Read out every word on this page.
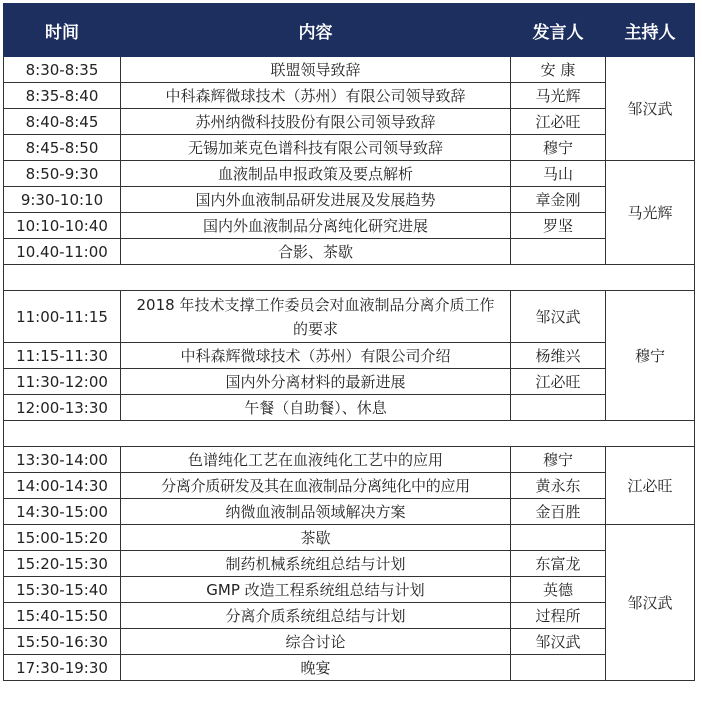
时间	内容	发言人	主持人
8:30-8:35	联盟领导致辞	安 康	邹汉武
8:35-8:40	中科森辉微球技术（苏州）有限公司领导致辞	马光辉	
8:40-8:45	苏州纳微科技股份有限公司领导致辞	江必旺	
8:45-8:50	无锡加莱克色谱科技有限公司领导致辞	穆宁	
8:50-9:30	血液制品申报政策及要点解析	马山	马光辉
9:30-10:10	国内外血液制品研发进展及发展趋势	章金刚	
10:10-10:40	国内外血液制品分离纯化研究进展	罗坚	
10.40-11:00	合影、茶歇		

11:00-11:15	2018 年技术支撑工作委员会对血液制品分离介质工作的要求	邹汉武	穆宁
11:15-11:30	中科森辉微球技术（苏州）有限公司介绍	杨维兴	
11:30-12:00	国内外分离材料的最新进展	江必旺	
12:00-13:30	午餐（自助餐）、休息		

13:30-14:00	色谱纯化工艺在血液纯化工艺中的应用	穆宁	江必旺
14:00-14:30	分离介质研发及其在血液制品分离纯化中的应用	黄永东	
14:30-15:00	纳微血液制品领域解决方案	金百胜	
15:00-15:20	茶歇		邹汉武
15:20-15:30	制药机械系统组总结与计划	东富龙	
15:30-15:40	GMP 改造工程系统组总结与计划	英德	
15:40-15:50	分离介质系统组总结与计划	过程所	
15:50-16:30	综合讨论	邹汉武	
17:30-19:30	晚宴		
